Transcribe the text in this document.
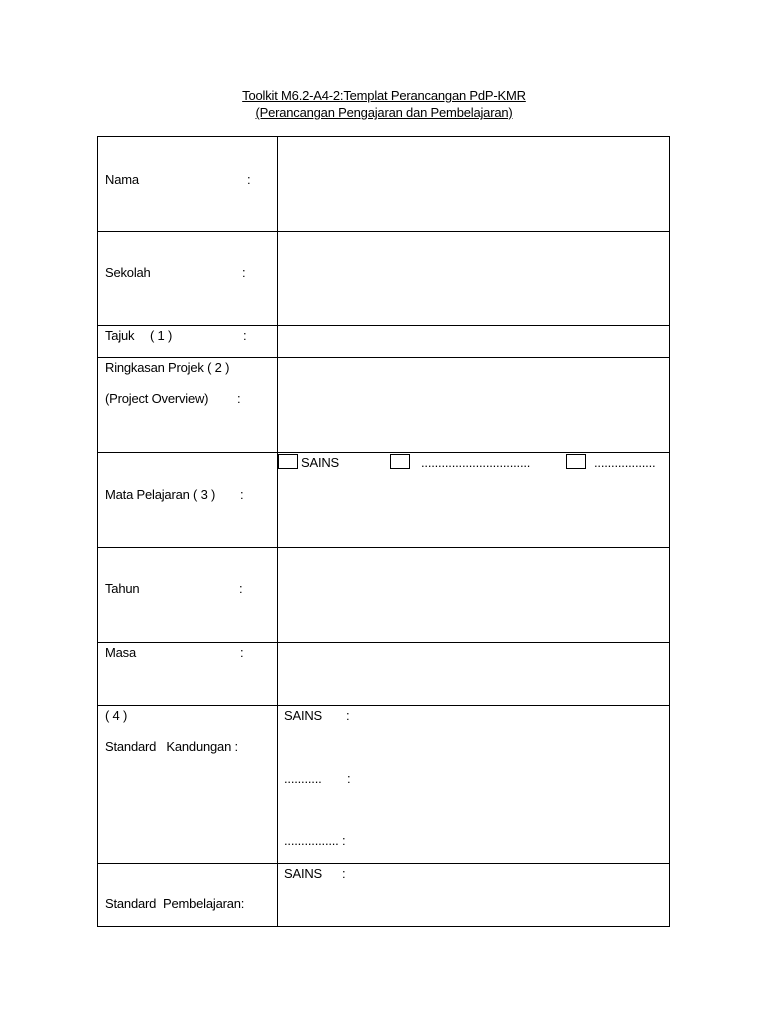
Toolkit M6.2-A4-2:Templat Perancangan PdP-KMR
(Perancangan Pengajaran dan Pembelajaran)
Nama :	

Sekolah :	

Tajuk ( 1 ) :	

Ringkasan Projek ( 2 )
(Project Overview) :	

Mata Pelajaran ( 3 ) :	SAINS ................................ ..................

Tahun :	

Masa :	

( 4 )
Standard   Kandungan :	SAINS :
........... :
................ :

Standard  Pembelajaran:	SAINS :
